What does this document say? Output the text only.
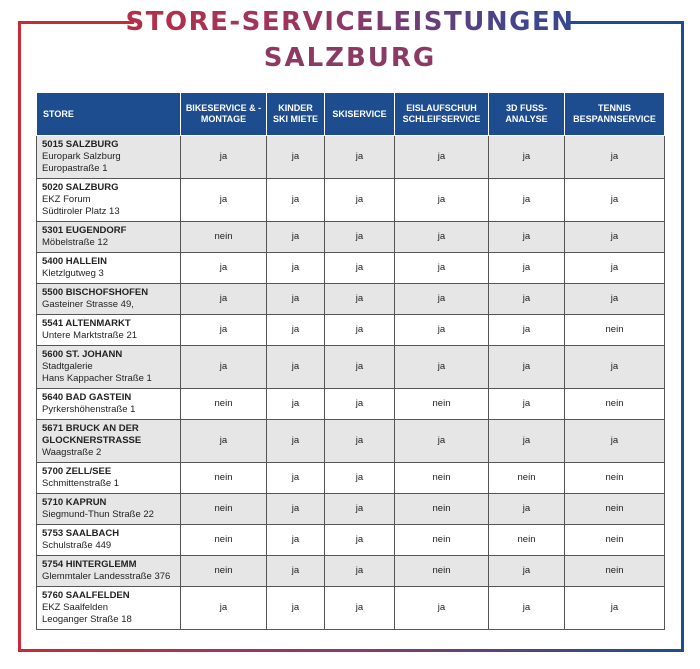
STORE-SERVICELEISTUNGEN
SALZBURG
STORE	BIKESERVICE & -MONTAGE	KINDER SKI MIETE	SKISERVICE	EISLAUFSCHUH SCHLEIFSERVICE	3D FUSS-ANALYSE	TENNIS BESPANNSERVICE

5015 SALZBURG
Europark Salzburg
Europastraße 1	ja	ja	ja	ja	ja	ja

5020 SALZBURG
EKZ Forum
Südtiroler Platz 13	ja	ja	ja	ja	ja	ja

5301 EUGENDORF
Möbelstraße 12	nein	ja	ja	ja	ja	ja

5400 HALLEIN
Kletzlgutweg 3	ja	ja	ja	ja	ja	ja

5500 BISCHOFSHOFEN
Gasteiner Strasse 49,	ja	ja	ja	ja	ja	ja

5541 ALTENMARKT
Untere Marktstraße 21	ja	ja	ja	ja	ja	nein

5600 ST. JOHANN
Stadtgalerie
Hans Kappacher Straße 1	ja	ja	ja	ja	ja	ja

5640 BAD GASTEIN
Pyrkershöhenstraße 1	nein	ja	ja	nein	ja	nein

5671 BRUCK AN DER GLOCKNERSTRASSE
Waagstraße 2	ja	ja	ja	ja	ja	ja

5700 ZELL/SEE
Schmittenstraße 1	nein	ja	ja	nein	nein	nein

5710 KAPRUN
Siegmund-Thun Straße 22	nein	ja	ja	nein	ja	nein

5753 SAALBACH
Schulstraße 449	nein	ja	ja	nein	nein	nein

5754 HINTERGLEMM
Glemmtaler Landesstraße 376	nein	ja	ja	nein	ja	nein

5760 SAALFELDEN
EKZ Saalfelden
Leoganger Straße 18	ja	ja	ja	ja	ja	ja
